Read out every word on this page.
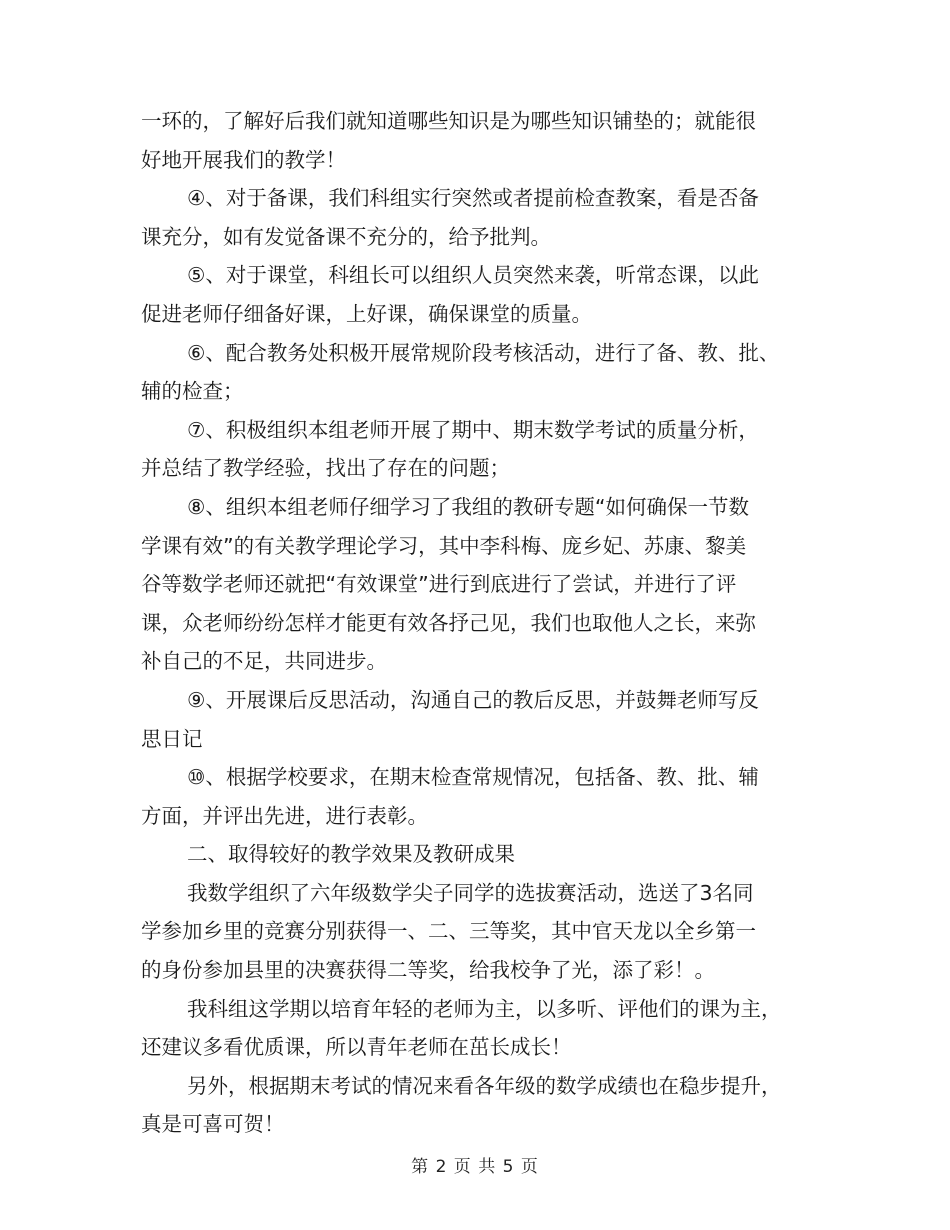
一环的，了解好后我们就知道哪些知识是为哪些知识铺垫的；就能很
好地开展我们的教学！
④、对于备课，我们科组实行突然或者提前检查教案，看是否备
课充分，如有发觉备课不充分的，给予批判。
⑤、对于课堂，科组长可以组织人员突然来袭，听常态课，以此
促进老师仔细备好课，上好课，确保课堂的质量。
⑥、配合教务处积极开展常规阶段考核活动，进行了备、教、批、
辅的检查；
⑦、积极组织本组老师开展了期中、期末数学考试的质量分析，
并总结了教学经验，找出了存在的问题；
⑧、组织本组老师仔细学习了我组的教研专题“如何确保一节数
学课有效”的有关教学理论学习，其中李科梅、庞乡妃、苏康、黎美
谷等数学老师还就把“有效课堂”进行到底进行了尝试，并进行了评
课，众老师纷纷怎样才能更有效各抒己见，我们也取他人之长，来弥
补自己的不足，共同进步。
⑨、开展课后反思活动，沟通自己的教后反思，并鼓舞老师写反
思日记
⑩、根据学校要求，在期末检查常规情况，包括备、教、批、辅
方面，并评出先进，进行表彰。
二、取得较好的教学效果及教研成果
我数学组织了六年级数学尖子同学的选拔赛活动，选送了3名同
学参加乡里的竞赛分别获得一、二、三等奖，其中官天龙以全乡第一
的身份参加县里的决赛获得二等奖，给我校争了光，添了彩！。
我科组这学期以培育年轻的老师为主，以多听、评他们的课为主，
还建议多看优质课，所以青年老师在茁长成长！
另外，根据期末考试的情况来看各年级的数学成绩也在稳步提升，
真是可喜可贺！
第 2 页 共 5 页
